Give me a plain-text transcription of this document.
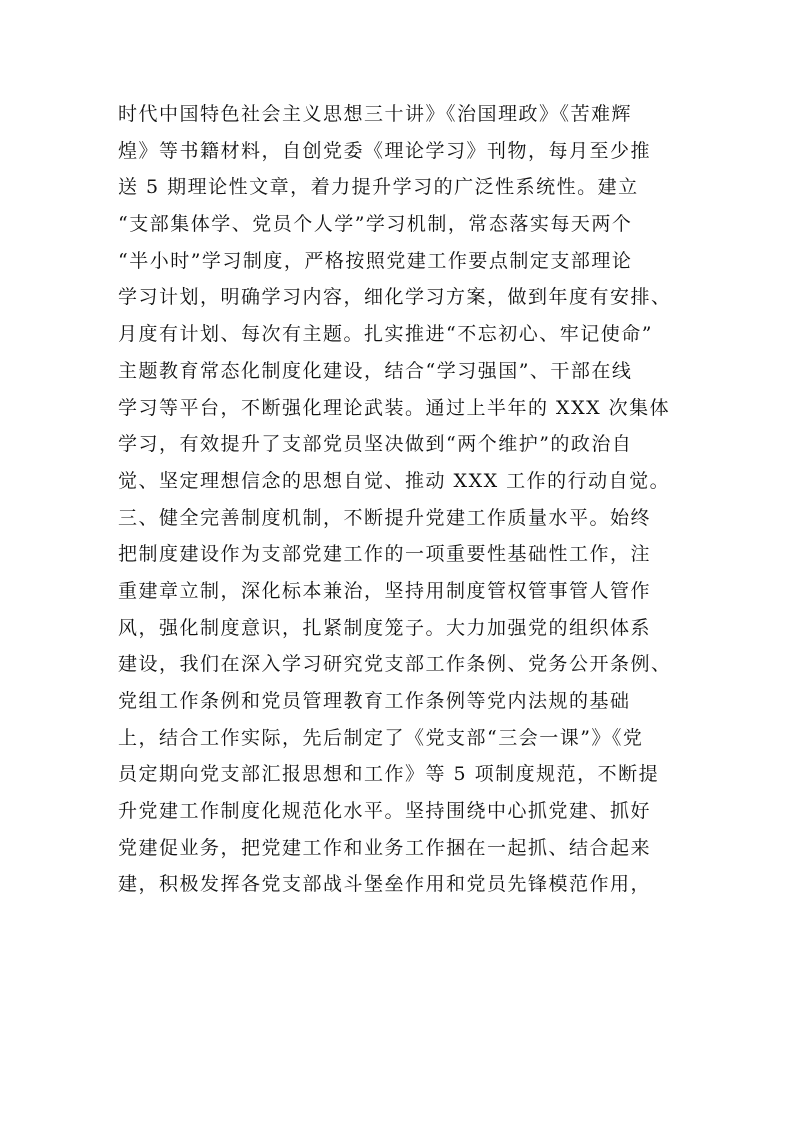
时代中国特色社会主义思想三十讲》《治国理政》《苦难辉
煌》等书籍材料，自创党委《理论学习》刊物，每月至少推
送 5 期理论性文章，着力提升学习的广泛性系统性。建立
“支部集体学、党员个人学”学习机制，常态落实每天两个
“半小时”学习制度，严格按照党建工作要点制定支部理论
学习计划，明确学习内容，细化学习方案，做到年度有安排、
月度有计划、每次有主题。扎实推进“不忘初心、牢记使命”
主题教育常态化制度化建设，结合“学习强国”、干部在线
学习等平台，不断强化理论武装。通过上半年的 XXX 次集体
学习，有效提升了支部党员坚决做到“两个维护”的政治自
觉、坚定理想信念的思想自觉、推动 XXX 工作的行动自觉。
三、健全完善制度机制，不断提升党建工作质量水平。始终
把制度建设作为支部党建工作的一项重要性基础性工作，注
重建章立制，深化标本兼治，坚持用制度管权管事管人管作
风，强化制度意识，扎紧制度笼子。大力加强党的组织体系
建设，我们在深入学习研究党支部工作条例、党务公开条例、
党组工作条例和党员管理教育工作条例等党内法规的基础
上，结合工作实际，先后制定了《党支部“三会一课”》《党
员定期向党支部汇报思想和工作》等 5 项制度规范，不断提
升党建工作制度化规范化水平。坚持围绕中心抓党建、抓好
党建促业务，把党建工作和业务工作捆在一起抓、结合起来
建，积极发挥各党支部战斗堡垒作用和党员先锋模范作用，
